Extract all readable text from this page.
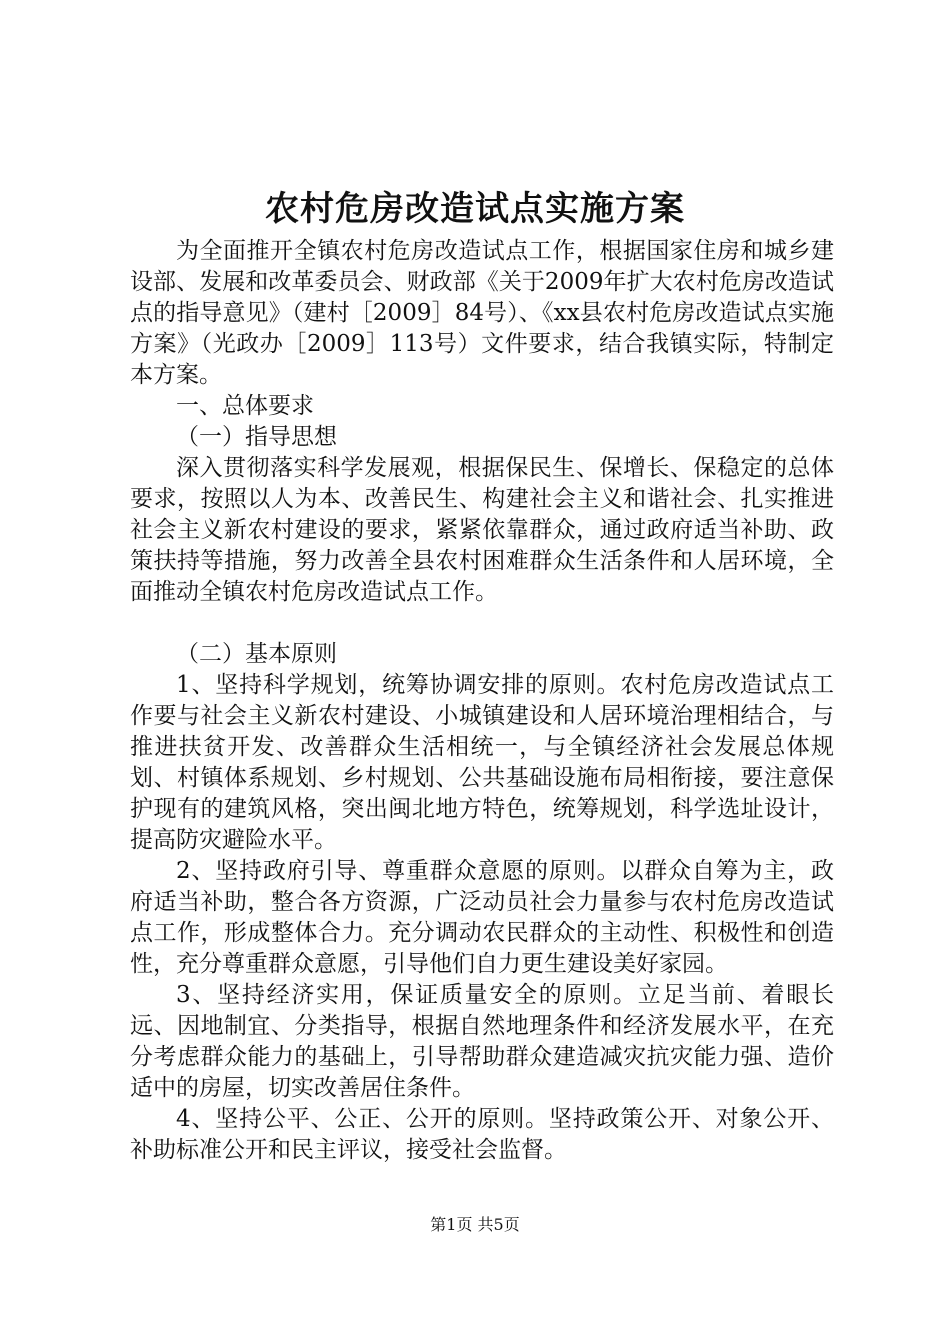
农村危房改造试点实施方案

为全面推开全镇农村危房改造试点工作，根据国家住房和城乡建设部、发展和改革委员会、财政部《关于2009年扩大农村危房改造试点的指导意见》（建村［2009］84号）、《xx县农村危房改造试点实施方案》（光政办［2009］113号）文件要求，结合我镇实际，特制定本方案。

一、总体要求

（一）指导思想

深入贯彻落实科学发展观，根据保民生、保增长、保稳定的总体要求，按照以人为本、改善民生、构建社会主义和谐社会、扎实推进社会主义新农村建设的要求，紧紧依靠群众，通过政府适当补助、政策扶持等措施，努力改善全县农村困难群众生活条件和人居环境，全面推动全镇农村危房改造试点工作。

（二）基本原则

1、坚持科学规划，统筹协调安排的原则。农村危房改造试点工作要与社会主义新农村建设、小城镇建设和人居环境治理相结合，与推进扶贫开发、改善群众生活相统一，与全镇经济社会发展总体规划、村镇体系规划、乡村规划、公共基础设施布局相衔接，要注意保护现有的建筑风格，突出闽北地方特色，统筹规划，科学选址设计，提高防灾避险水平。

2、坚持政府引导、尊重群众意愿的原则。以群众自筹为主，政府适当补助，整合各方资源，广泛动员社会力量参与农村危房改造试点工作，形成整体合力。充分调动农民群众的主动性、积极性和创造性，充分尊重群众意愿，引导他们自力更生建设美好家园。

3、坚持经济实用，保证质量安全的原则。立足当前、着眼长远、因地制宜、分类指导，根据自然地理条件和经济发展水平，在充分考虑群众能力的基础上，引导帮助群众建造减灾抗灾能力强、造价适中的房屋，切实改善居住条件。

4、坚持公平、公正、公开的原则。坚持政策公开、对象公开、补助标准公开和民主评议，接受社会监督。

第1页 共5页
